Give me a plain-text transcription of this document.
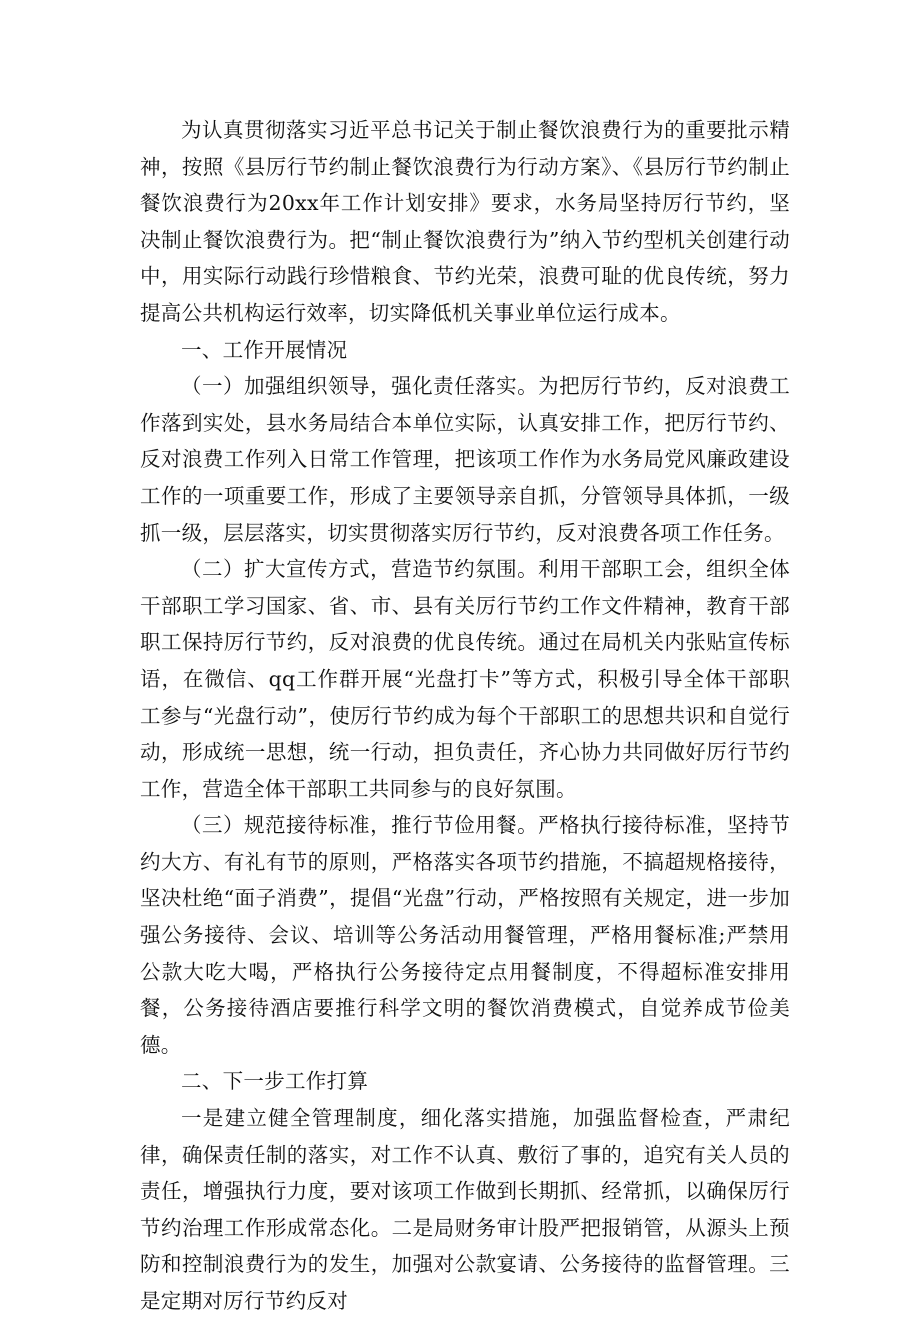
为认真贯彻落实习近平总书记关于制止餐饮浪费行为的重要批示精神，按照《县厉行节约制止餐饮浪费行为行动方案》、《县厉行节约制止餐饮浪费行为20xx年工作计划安排》要求，水务局坚持厉行节约，坚决制止餐饮浪费行为。把“制止餐饮浪费行为”纳入节约型机关创建行动中，用实际行动践行珍惜粮食、节约光荣，浪费可耻的优良传统，努力提高公共机构运行效率，切实降低机关事业单位运行成本。

一、工作开展情况

（一）加强组织领导，强化责任落实。为把厉行节约，反对浪费工作落到实处，县水务局结合本单位实际，认真安排工作，把厉行节约、反对浪费工作列入日常工作管理，把该项工作作为水务局党风廉政建设工作的一项重要工作，形成了主要领导亲自抓，分管领导具体抓，一级抓一级，层层落实，切实贯彻落实厉行节约，反对浪费各项工作任务。

（二）扩大宣传方式，营造节约氛围。利用干部职工会，组织全体干部职工学习国家、省、市、县有关厉行节约工作文件精神，教育干部职工保持厉行节约，反对浪费的优良传统。通过在局机关内张贴宣传标语，在微信、qq工作群开展“光盘打卡”等方式，积极引导全体干部职工参与“光盘行动”，使厉行节约成为每个干部职工的思想共识和自觉行动，形成统一思想，统一行动，担负责任，齐心协力共同做好厉行节约工作，营造全体干部职工共同参与的良好氛围。

（三）规范接待标准，推行节俭用餐。严格执行接待标准，坚持节约大方、有礼有节的原则，严格落实各项节约措施，不搞超规格接待，坚决杜绝“面子消费”，提倡“光盘”行动，严格按照有关规定，进一步加强公务接待、会议、培训等公务活动用餐管理，严格用餐标准;严禁用公款大吃大喝，严格执行公务接待定点用餐制度，不得超标准安排用餐，公务接待酒店要推行科学文明的餐饮消费模式，自觉养成节俭美德。

二、下一步工作打算

一是建立健全管理制度，细化落实措施，加强监督检查，严肃纪律，确保责任制的落实，对工作不认真、敷衍了事的，追究有关人员的责任，增强执行力度，要对该项工作做到长期抓、经常抓，以确保厉行节约治理工作形成常态化。二是局财务审计股严把报销管，从源头上预防和控制浪费行为的发生，加强对公款宴请、公务接待的监督管理。三是定期对厉行节约反对
